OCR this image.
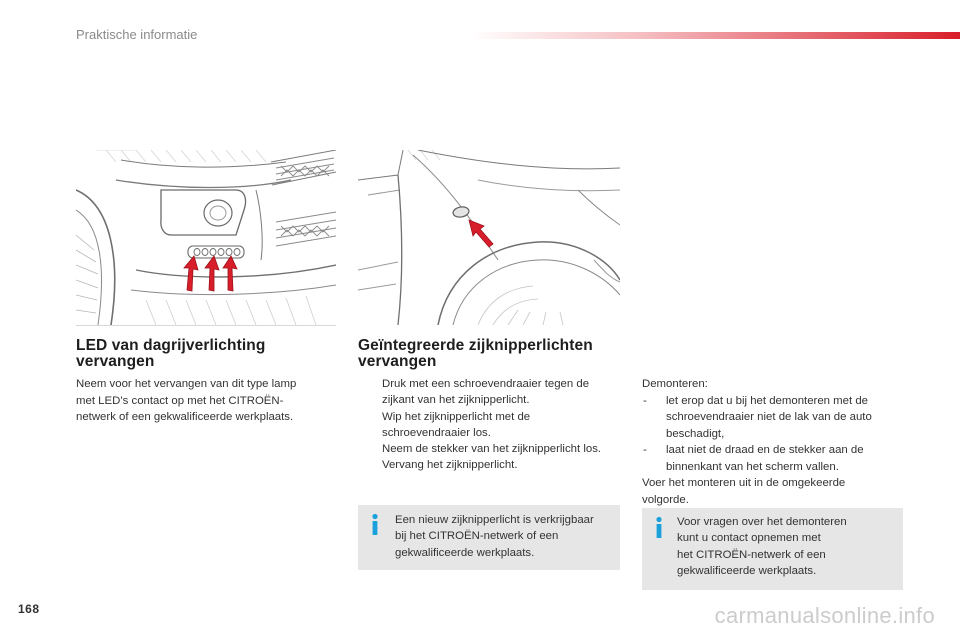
Praktische informatie
LED van dagrijverlichting
vervangen

Neem voor het vervangen van dit type lamp
met LED’s contact op met het CITROËN-
netwerk of een gekwalificeerde werkplaats.

Geïntegreerde zijknipperlichten
vervangen
Druk met een schroevendraaier tegen de
zijkant van het zijknipperlicht.
Wip het zijknipperlicht met de
schroevendraaier los.
Neem de stekker van het zijknipperlicht los.
Vervang het zijknipperlicht.

Een nieuw zijknipperlicht is verkrijgbaar
bij het CITROËN-netwerk of een
gekwalificeerde werkplaats.

Demonteren:
- let erop dat u bij het demonteren met de
schroevendraaier niet de lak van de auto
beschadigt,
- laat niet de draad en de stekker aan de
binnenkant van het scherm vallen.
Voer het monteren uit in de omgekeerde
volgorde.

Voor vragen over het demonteren
kunt u contact opnemen met
het CITROËN-netwerk of een
gekwalificeerde werkplaats.

168	carmanualsonline.info
